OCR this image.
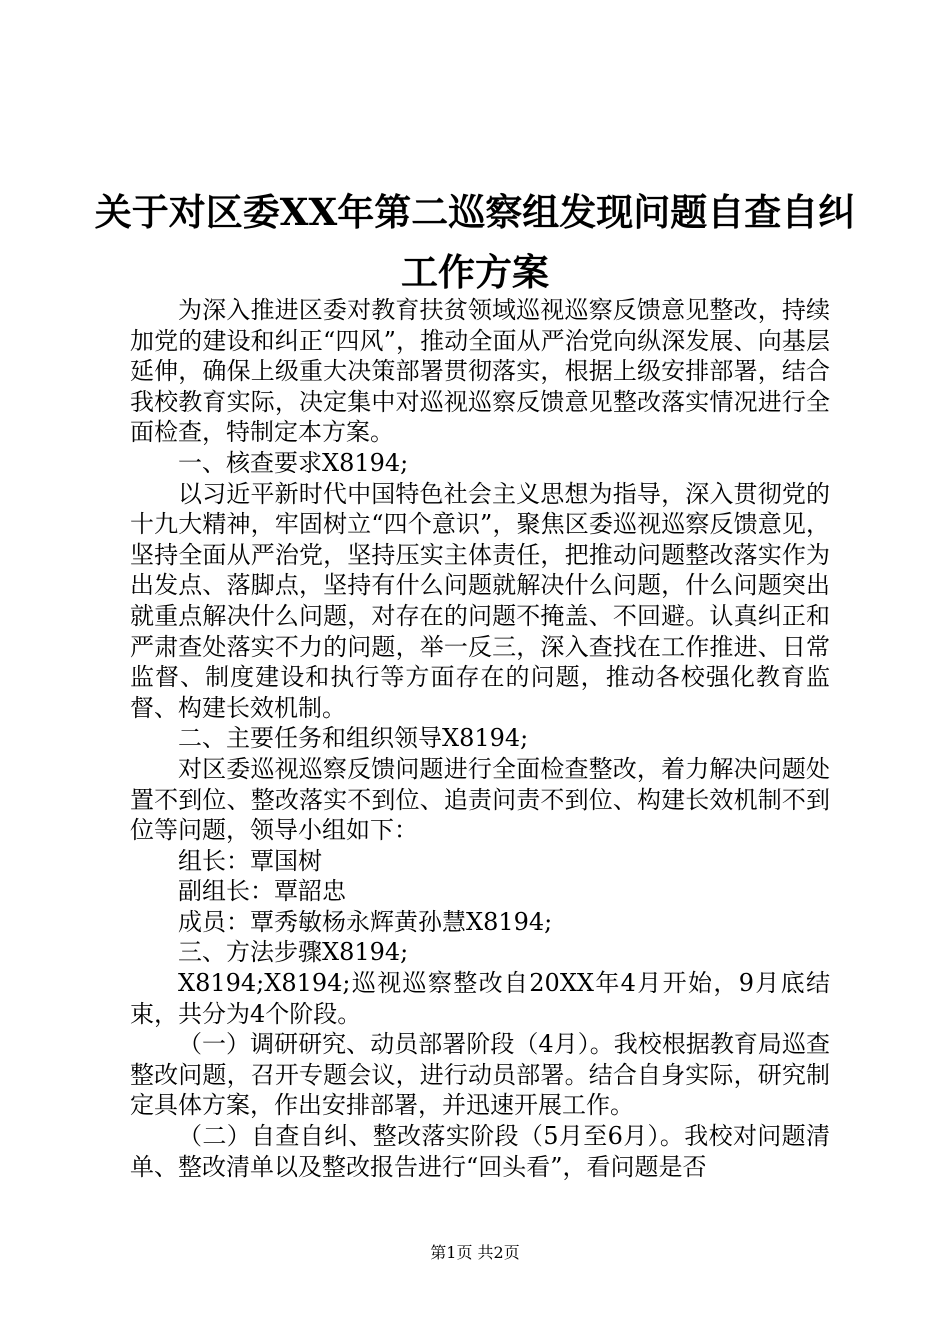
关于对区委XX年第二巡察组发现问题自查自纠工作方案

为深入推进区委对教育扶贫领域巡视巡察反馈意见整改，持续加党的建设和纠正“四风”，推动全面从严治党向纵深发展、向基层延伸，确保上级重大决策部署贯彻落实，根据上级安排部署，结合我校教育实际，决定集中对巡视巡察反馈意见整改落实情况进行全面检查，特制定本方案。

一、核查要求X8194;

以习近平新时代中国特色社会主义思想为指导，深入贯彻党的十九大精神，牢固树立“四个意识”，聚焦区委巡视巡察反馈意见，坚持全面从严治党，坚持压实主体责任，把推动问题整改落实作为出发点、落脚点，坚持有什么问题就解决什么问题，什么问题突出就重点解决什么问题，对存在的问题不掩盖、不回避。认真纠正和严肃查处落实不力的问题，举一反三，深入查找在工作推进、日常监督、制度建设和执行等方面存在的问题，推动各校强化教育监督、构建长效机制。

二、主要任务和组织领导X8194;

对区委巡视巡察反馈问题进行全面检查整改，着力解决问题处置不到位、整改落实不到位、追责问责不到位、构建长效机制不到位等问题，领导小组如下：

组长：覃国树

副组长：覃韶忠

成员：覃秀敏杨永辉黄孙慧X8194;

三、方法步骤X8194;

X8194;X8194;巡视巡察整改自20XX年4月开始，9月底结束，共分为4个阶段。

（一）调研研究、动员部署阶段（4月）。我校根据教育局巡查整改问题，召开专题会议，进行动员部署。结合自身实际，研究制定具体方案，作出安排部署，并迅速开展工作。

（二）自查自纠、整改落实阶段（5月至6月）。我校对问题清单、整改清单以及整改报告进行“回头看”，看问题是否

第1页 共2页
